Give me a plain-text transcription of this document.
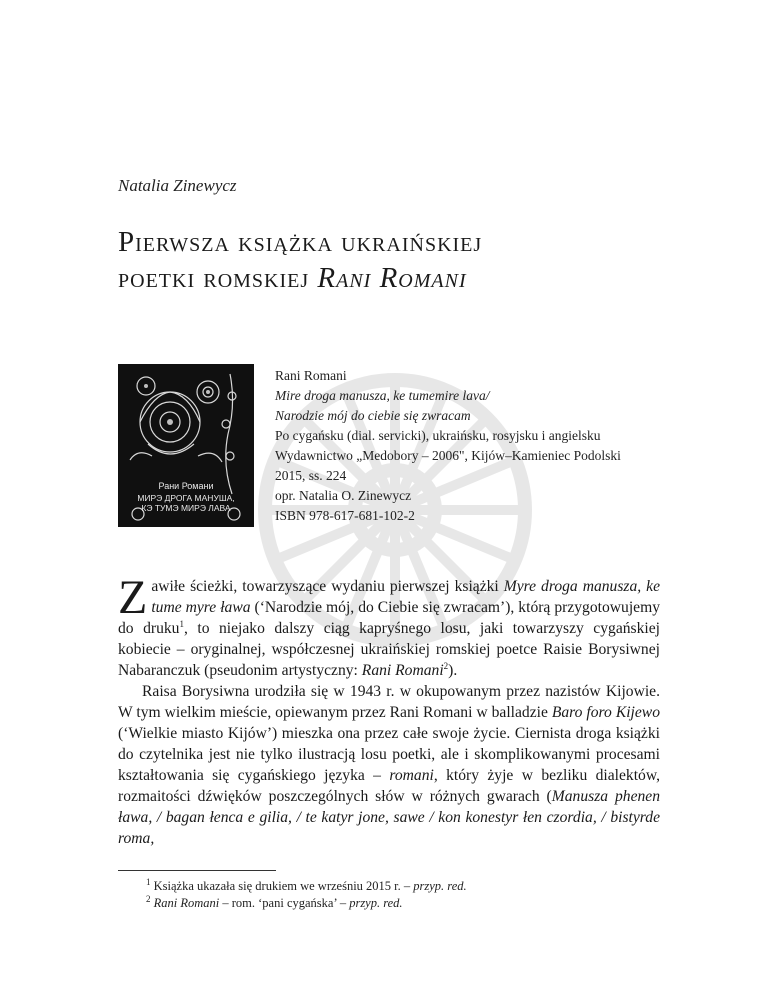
Natalia Zinewycz
Pierwsza książka ukraińskiej
poetki romskiej Rani Romani
Рани Романи
МИРЭ ДРОГА МАНУША,
КЭ ТУМЭ МИРЭ ЛАВА
Rani Romani
Mire droga manusza, ke tumemire lava/
Narodzie mój do ciebie się zwracam
Po cygańsku (dial. servicki), ukraińsku, rosyjsku i angielsku
Wydawnictwo „Medobory – 2006", Kijów–Kamieniec Podolski
2015, ss. 224
opr. Natalia O. Zinewycz
ISBN 978-617-681-102-2

Zawiłe ścieżki, towarzyszące wydaniu pierwszej książki Myre droga manusza, ke tume myre ława (‘Narodzie mój, do Ciebie się zwracam’), którą przygotowujemy do druku$^1$, to niejako dalszy ciąg kapryśnego losu, jaki towarzyszy cygańskiej kobiecie – oryginalnej, współczesnej ukraińskiej romskiej poetce Raisie Borysiwnej Nabaranczuk (pseudonim artystyczny: Rani Romani$^2$).

Raisa Borysiwna urodziła się w 1943 r. w okupowanym przez nazistów Kijowie. W tym wielkim mieście, opiewanym przez Rani Romani w balladzie Baro foro Kijewo (‘Wielkie miasto Kijów’) mieszka ona przez całe swoje życie. Ciernista droga książki do czytelnika jest nie tylko ilustracją losu poetki, ale i skomplikowanymi procesami kształtowania się cygańskiego języka – romani, który żyje w bezliku dialektów, rozmaitości dźwięków poszczególnych słów w różnych gwarach (Manusza phenen ława, / bagan łenca e gilia, / te katyr jone, sawe / kon konestyr łen czordia, / bistyrde roma,

$^1$ Książka ukazała się drukiem we wrześniu 2015 r. – przyp. red.
$^2$ Rani Romani – rom. ‘pani cygańska’ – przyp. red.
